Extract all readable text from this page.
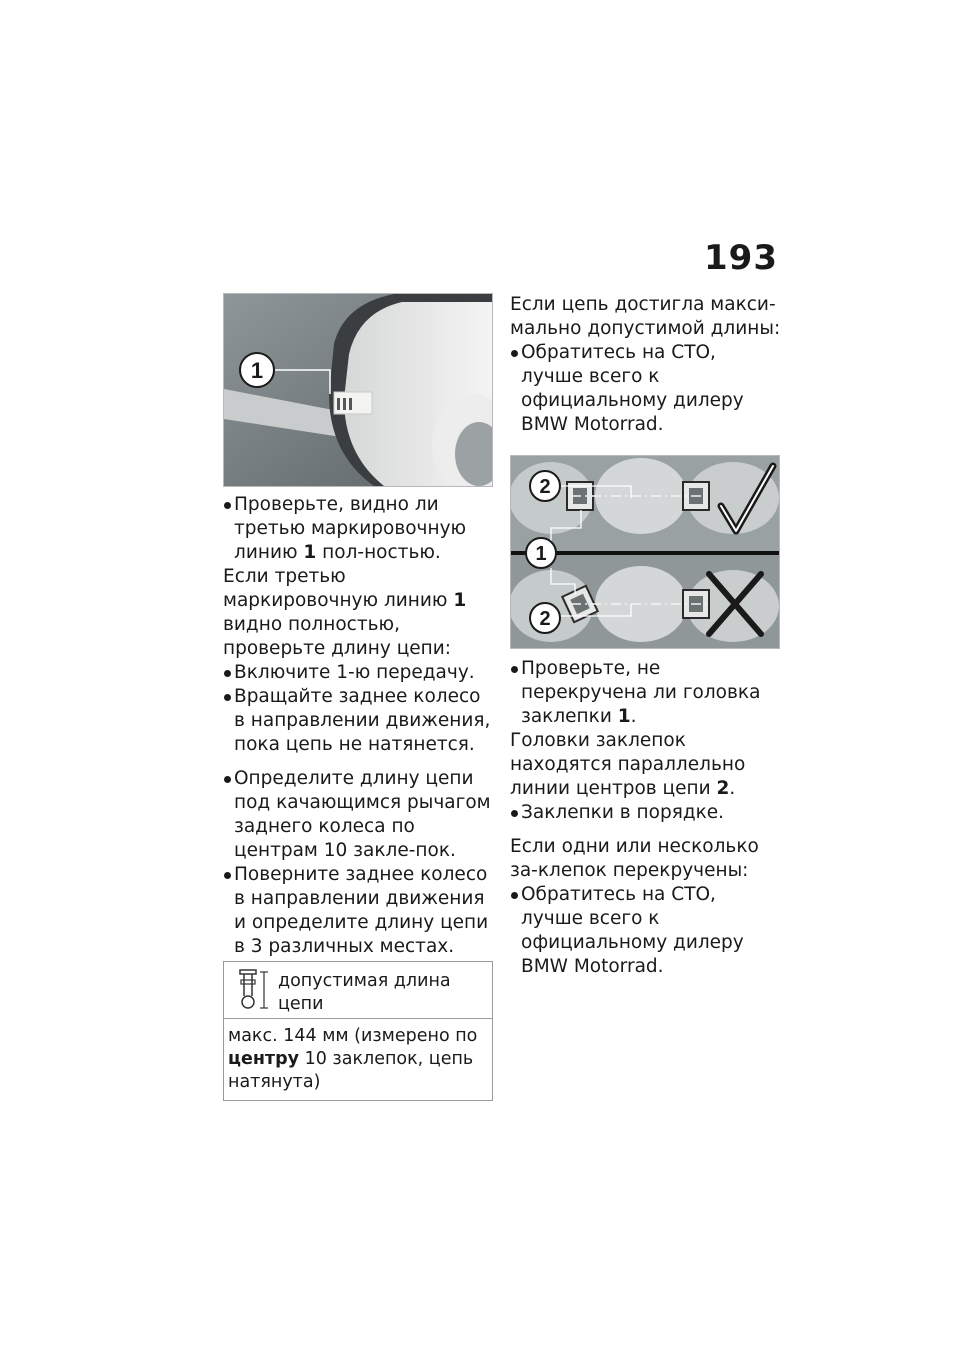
193
1
Проверьте, видно ли третью маркировочную линию 1 пол-ностью.

Если третью маркировочную линию 1 видно полностью, проверьте длину цепи:

Включите 1-ю передачу.
Вращайте заднее колесо в направлении движения, пока цепь не натянется.
Определите длину цепи под качающимся рычагом заднего колеса по центрам 10 закле-пок.
Поверните заднее колесо в направлении движения и определите длину цепи в 3 различных местах.
допустимая длина цепи
макс. 144 мм (измерено по центру 10 заклепок, цепь натянута)

Если цепь достигла макси-мально допустимой длины:

Обратитесь на СТО, лучше всего к официальному дилеру BMW Motorrad.
2
1
2
Проверьте, не перекручена ли головка заклепки 1.

Головки заклепок находятся параллельно линии центров цепи 2.

Заклепки в порядке.

Если одни или несколько за-клепок перекручены:

Обратитесь на СТО, лучше всего к официальному дилеру BMW Motorrad.
